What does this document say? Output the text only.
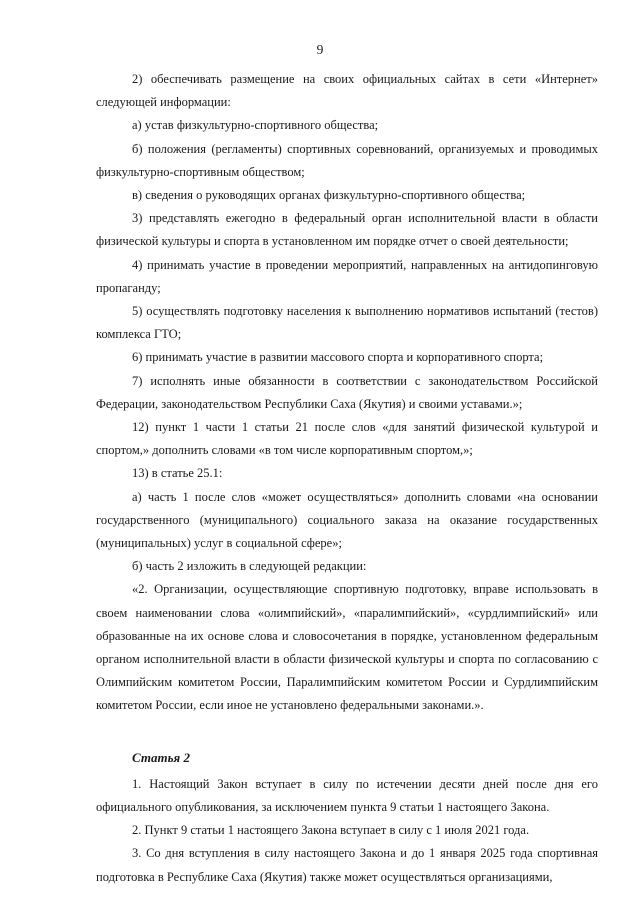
9

2) обеспечивать размещение на своих официальных сайтах в сети «Интернет» следующей информации:

а) устав физкультурно-спортивного общества;

б) положения (регламенты) спортивных соревнований, организуемых и проводимых физкультурно-спортивным обществом;

в) сведения о руководящих органах физкультурно-спортивного общества;

3) представлять ежегодно в федеральный орган исполнительной власти в области физической культуры и спорта в установленном им порядке отчет о своей деятельности;

4) принимать участие в проведении мероприятий, направленных на антидопинговую пропаганду;

5) осуществлять подготовку населения к выполнению нормативов испытаний (тестов) комплекса ГТО;

6) принимать участие в развитии массового спорта и корпоративного спорта;

7) исполнять иные обязанности в соответствии с законодательством Российской Федерации, законодательством Республики Саха (Якутия) и своими уставами.»;

12) пункт 1 части 1 статьи 21 после слов «для занятий физической культурой и спортом,» дополнить словами «в том числе корпоративным спортом,»;

13) в статье 25.1:

а) часть 1 после слов «может осуществляться» дополнить словами «на основании государственного (муниципального) социального заказа на оказание государственных (муниципальных) услуг в социальной сфере»;

б) часть 2 изложить в следующей редакции:

«2. Организации, осуществляющие спортивную подготовку, вправе использовать в своем наименовании слова «олимпийский», «паралимпийский», «сурдлимпийский» или образованные на их основе слова и словосочетания в порядке, установленном федеральным органом исполнительной власти в области физической культуры и спорта по согласованию с Олимпийским комитетом России, Паралимпийским комитетом России и Сурдлимпийским комитетом России, если иное не установлено федеральными законами.».

Статья 2

1. Настоящий Закон вступает в силу по истечении десяти дней после дня его официального опубликования, за исключением пункта 9 статьи 1 настоящего Закона.

2. Пункт 9 статьи 1 настоящего Закона вступает в силу с 1 июля 2021 года.

3. Со дня вступления в силу настоящего Закона и до 1 января 2025 года спортивная подготовка в Республике Саха (Якутия) также может осуществляться организациями,
